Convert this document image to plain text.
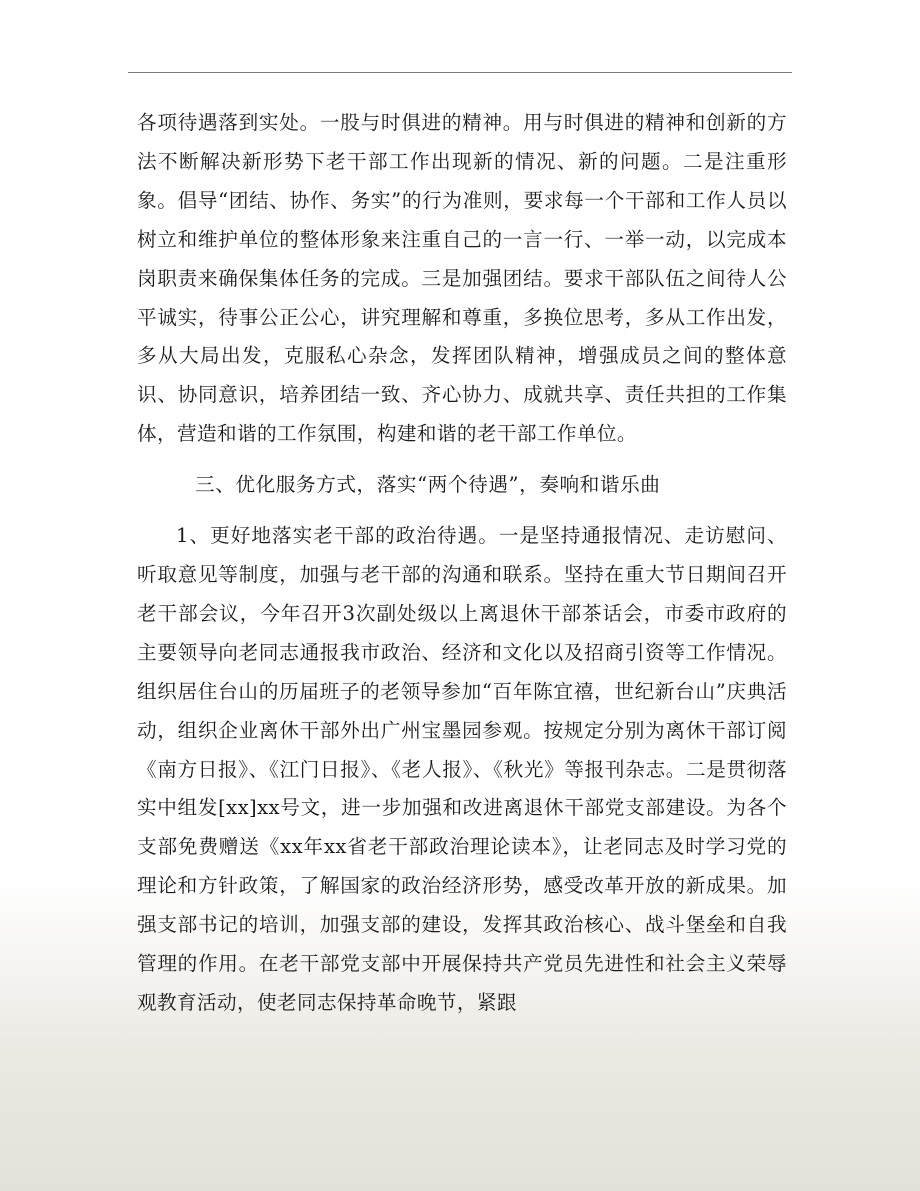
各项待遇落到实处。一股与时俱进的精神。用与时俱进的精神和创新的方法不断解决新形势下老干部工作出现新的情况、新的问题。二是注重形象。倡导“团结、协作、务实”的行为准则，要求每一个干部和工作人员以树立和维护单位的整体形象来注重自己的一言一行、一举一动，以完成本岗职责来确保集体任务的完成。三是加强团结。要求干部队伍之间待人公平诚实，待事公正公心，讲究理解和尊重，多换位思考，多从工作出发，多从大局出发，克服私心杂念，发挥团队精神，增强成员之间的整体意识、协同意识，培养团结一致、齐心协力、成就共享、责任共担的工作集体，营造和谐的工作氛围，构建和谐的老干部工作单位。

三、优化服务方式，落实“两个待遇”，奏响和谐乐曲

1、更好地落实老干部的政治待遇。一是坚持通报情况、走访慰问、听取意见等制度，加强与老干部的沟通和联系。坚持在重大节日期间召开老干部会议，今年召开3次副处级以上离退休干部茶话会，市委市政府的主要领导向老同志通报我市政治、经济和文化以及招商引资等工作情况。组织居住台山的历届班子的老领导参加“百年陈宜禧，世纪新台山”庆典活动，组织企业离休干部外出广州宝墨园参观。按规定分别为离休干部订阅《南方日报》、《江门日报》、《老人报》、《秋光》等报刊杂志。二是贯彻落实中组发[xx]xx号文，进一步加强和改进离退休干部党支部建设。为各个支部免费赠送《xx年xx省老干部政治理论读本》，让老同志及时学习党的理论和方针政策，了解国家的政治经济形势，感受改革开放的新成果。加强支部书记的培训，加强支部的建设，发挥其政治核心、战斗堡垒和自我管理的作用。在老干部党支部中开展保持共产党员先进性和社会主义荣辱观教育活动，使老同志保持革命晚节，紧跟
